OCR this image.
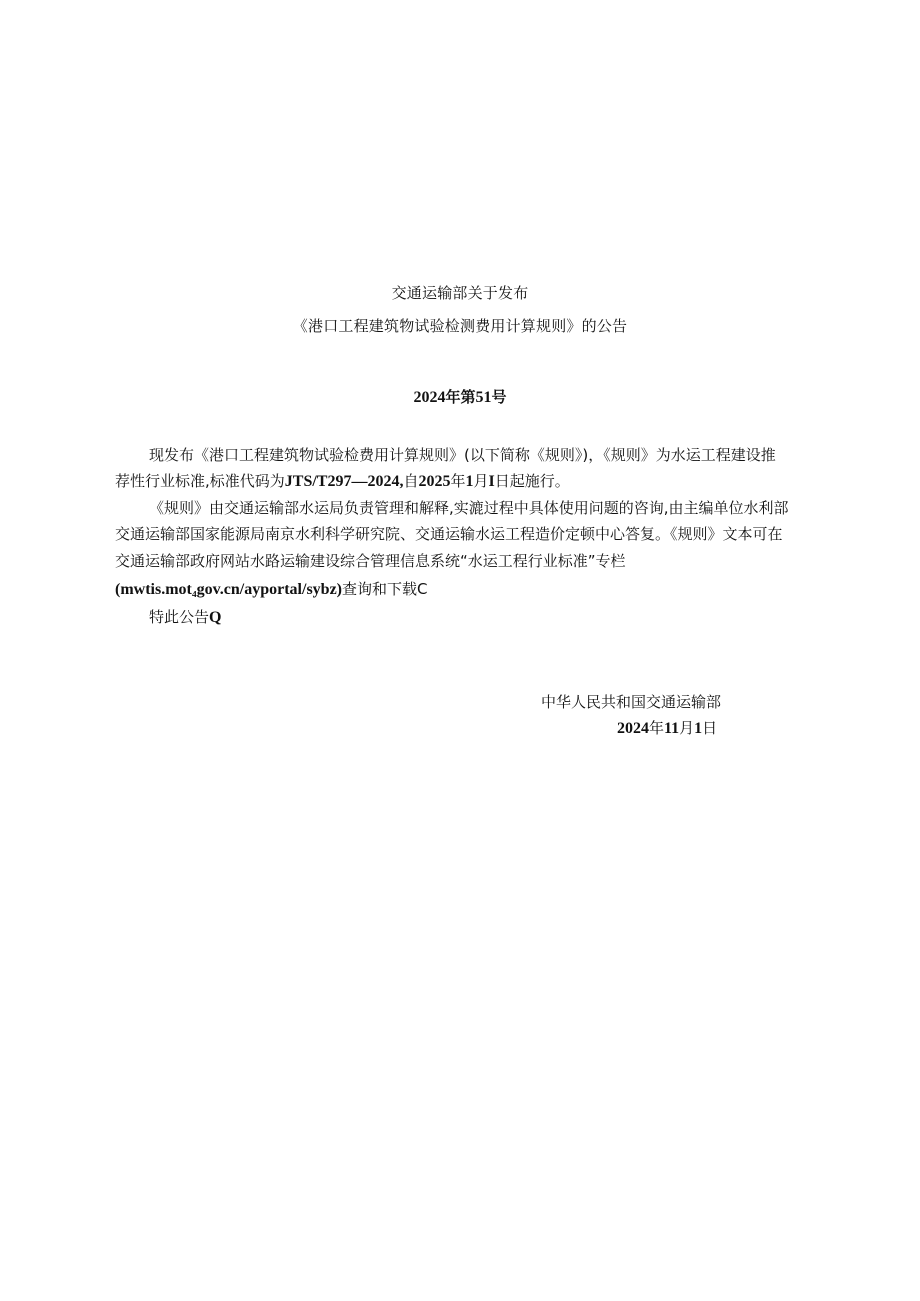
交通运输部关于发布
《港口工程建筑物试验检测费用计算规则》的公告
2024年第51号
现发布《港口工程建筑物试验检费用计算规则》(以下简称《规则》)，《规则》为水运工程建设推
荐性行业标准,标准代码为JTS/T297—2024,自2025年1月I日起施行。
《规则》由交通运输部水运局负责管理和解释,实漉过程中具体使用问题的咨询,由主编单位水利部
交通运输部国家能源局南京水利科学研究院、交通运输水运工程造价定顿中心答复。《规则》文本可在
交通运输部政府网站水路运输建设综合管理信息系统“水运工程行业标准”专栏
(mwtis.mot₄gov.cn/ayportal/sybz)查询和下载C
特此公告Q
中华人民共和国交通运输部
2024年11月1日
